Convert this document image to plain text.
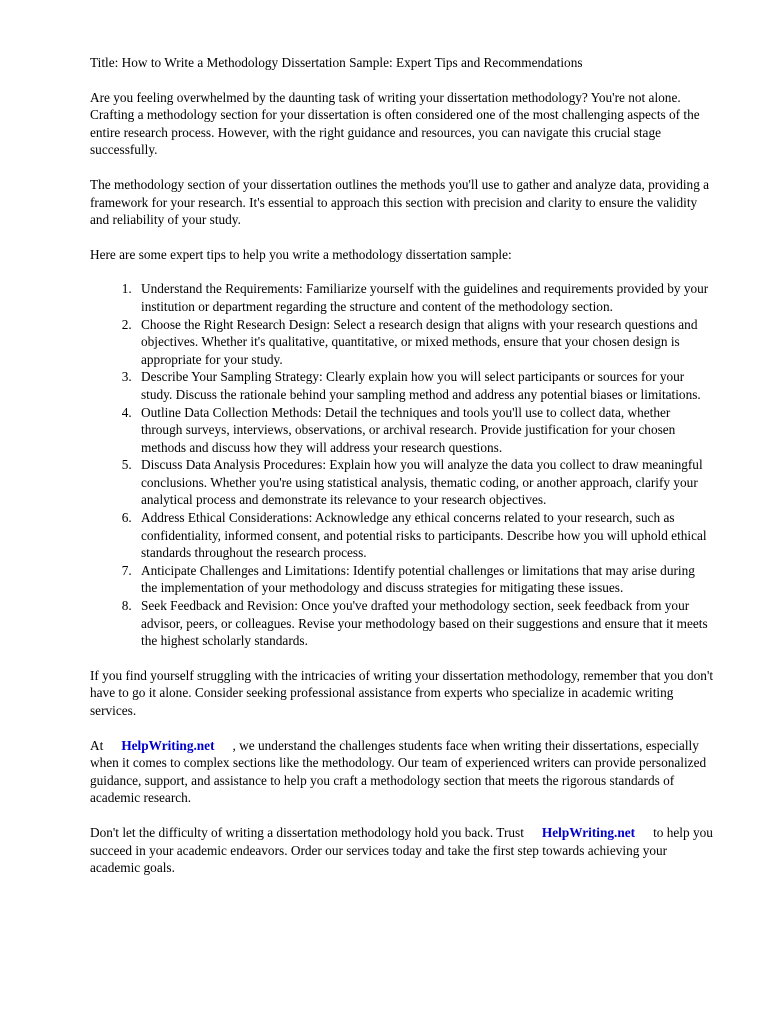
Title: How to Write a Methodology Dissertation Sample: Expert Tips and Recommendations

Are you feeling overwhelmed by the daunting task of writing your dissertation methodology? You're not alone. Crafting a methodology section for your dissertation is often considered one of the most challenging aspects of the entire research process. However, with the right guidance and resources, you can navigate this crucial stage successfully.

The methodology section of your dissertation outlines the methods you'll use to gather and analyze data, providing a framework for your research. It's essential to approach this section with precision and clarity to ensure the validity and reliability of your study.

Here are some expert tips to help you write a methodology dissertation sample:

1. Understand the Requirements: Familiarize yourself with the guidelines and requirements provided by your institution or department regarding the structure and content of the methodology section.
2. Choose the Right Research Design: Select a research design that aligns with your research questions and objectives. Whether it's qualitative, quantitative, or mixed methods, ensure that your chosen design is appropriate for your study.
3. Describe Your Sampling Strategy: Clearly explain how you will select participants or sources for your study. Discuss the rationale behind your sampling method and address any potential biases or limitations.
4. Outline Data Collection Methods: Detail the techniques and tools you'll use to collect data, whether through surveys, interviews, observations, or archival research. Provide justification for your chosen methods and discuss how they will address your research questions.
5. Discuss Data Analysis Procedures: Explain how you will analyze the data you collect to draw meaningful conclusions. Whether you're using statistical analysis, thematic coding, or another approach, clarify your analytical process and demonstrate its relevance to your research objectives.
6. Address Ethical Considerations: Acknowledge any ethical concerns related to your research, such as confidentiality, informed consent, and potential risks to participants. Describe how you will uphold ethical standards throughout the research process.
7. Anticipate Challenges and Limitations: Identify potential challenges or limitations that may arise during the implementation of your methodology and discuss strategies for mitigating these issues.
8. Seek Feedback and Revision: Once you've drafted your methodology section, seek feedback from your advisor, peers, or colleagues. Revise your methodology based on their suggestions and ensure that it meets the highest scholarly standards.

If you find yourself struggling with the intricacies of writing your dissertation methodology, remember that you don't have to go it alone. Consider seeking professional assistance from experts who specialize in academic writing services.

At HelpWriting.net , we understand the challenges students face when writing their dissertations, especially when it comes to complex sections like the methodology. Our team of experienced writers can provide personalized guidance, support, and assistance to help you craft a methodology section that meets the rigorous standards of academic research.

Don't let the difficulty of writing a dissertation methodology hold you back. Trust HelpWriting.net to help you succeed in your academic endeavors. Order our services today and take the first step towards achieving your academic goals.
